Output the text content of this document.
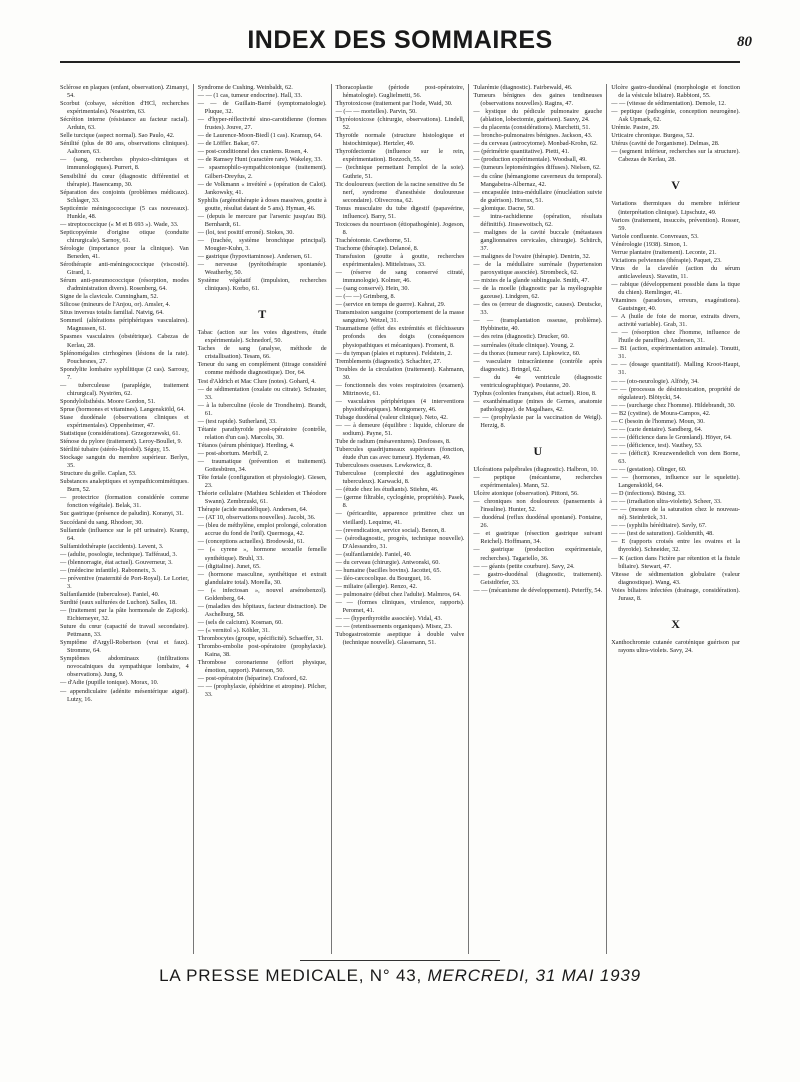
INDEX DES SOMMAIRES	80

Sclérose en plaques (enfant, observation). Zimanyi, 54.

Scorbut (cobaye, sécrétion d'HCl, recherches expérimentales). Noaström, 63.

Sécrétion interne (résistance au facteur racial). Arduin, 63.

Selle turcique (aspect normal). Sao Paulo, 42.

Sénilité (plus de 80 ans, observations cliniques). Aaltonen, 63.

— (sang, recherches physico-chimiques et immunologiques). Purrert, 8.

Sensibilité du cœur (diagnostic différentiel et thérapie). Hasencamp, 30.

Séparation des conjoints (problèmes médicaux). Schlager, 33.

Septicémie méningococcique (5 cas nouveaux). Hunkle, 48.

— streptococcique (« M et B 693 »). Wade, 33.

Septicopyémie d'origine otique (conduite chirurgicale). Sarnoy, 61.

Sérologie (importance pour la clinique). Van Beneden, 41.

Sérothérapie anti-méningococcique (viscosité). Girard, 1.

Sérum anti-pneumococcique (résorption, modes d'administration divers). Rosenberg, 64.

Signe de la clavicule. Cunningham, 52.

Silicose (mineurs de l'Anjou, or). Amsler, 4.

Situs inversus totalis familial. Natvig, 64.

Sommeil (altérations périphériques vasculaires). Magnussen, 61.

Spasmes vasculaires (obstétrique). Cabezas de Kerlau, 28.

Splénomégalies cirrhogènes (lésions de la rate). Pouchesnes, 27.

Spondylite lombaire syphilitique (2 cas). Sarrouy, 7.

— tuberculeuse (paraplégie, traitement chirurgical). Nyström, 62.

Spondylolisthésis. Moore Gordon, 51.

Sprue (hormones et vitamines). Langenskiöld, 64.

Stase duodénale (observations cliniques et expérimentales). Oppenheimer, 47.

Statistique (considérations). Grzegorzewski, 61.

Sténose du pylore (traitement). Leroy-Boullet, 9.

Stérilité tubaire (stéréo-lipiodol). Séguy, 15.

Stockage sanguin du membre supérieur. Berlyn, 35.

Structure du grêle. Caplan, 53.

Substances analeptiques et sympathicomimétiques. Burn, 52.

— protectrice (formation considérée comme fonction végétale). Belak, 31.

Suc gastrique (présence de paludin). Koranyi, 31.

Succédané du sang. Rhodoer, 30.

Sulfamide (influence sur le pH urinaire). Kramp, 64.

Sulfamidothérapie (accidents). Levent, 3.

— (adulte, posologie, technique). Tafféraud, 3.

— (blennorragie, état actuel). Gouverneur, 3.

— (médecine infantile). Rabonneix, 3.

— préventive (maternité de Port-Royal). Le Lorier, 3.

Sulfanilamide (tuberculose). Faniel, 40.

Surdité (eaux sulfurées de Luchon). Salles, 18.

— (traitement par la pâte hormonale de Zajicek). Eichtemeyer, 32.

Suture du cœur (capacité de travail secondaire). Pettmann, 33.

Symptôme d'Argyll-Robertson (vrai et faux). Stromme, 64.

Symptômes abdominaux (infiltrations novocaïniques du sympathique lombaire, 4 observations). Jung, 9.

— d'Adie (pupille tonique). Morax, 10.

— appendiculaire (adénite mésentérique aiguë). Lutzy, 16.

Syndrome de Cushing. Weinbaldt, 62.

— — (1 cas, tumeur endocrine). Hall, 33.

— — de Guillain-Barré (symptomatologie). Pluque, 32.

— d'hyper-réflectivité sino-carotidienne (formes frustes). Jouve, 27.

— de Laurence-Moon-Biedl (1 cas). Kramup, 64.

— de Löffler. Bakar, 67.

— post-conditionnel des craniens. Rosen, 4.

— de Ramsey Hunt (caractère rare). Wakeley, 33.

— spasmophilo-sympathicotonique (traitement). Gilbert-Dreyfus, 2.

— de Volkmann « invétéré » (opération de Calot). Jankowsky, 41.

Syphilis (argénothérapie à doses massives, goutte à goutte, résultat datant de 5 ans). Hyman, 46.

— (depuis le mercure par l'arsenic jusqu'au Bi). Bernhardt, 61.

— (loi, test positif erroné). Stokes, 30.

— (trachée, système bronchique principal). Mougier-Kuhn, 3.

— gastrique (hypovitaminose). Andersen, 61.

— nerveuse (pyrétothérapie spontanée). Weatherby, 50.

Système végétatif (impulsion, recherches cliniques). Korbo, 61.

T

Tabac (action sur les voies digestives, étude expérimentale). Schnedorf, 50.

Taches de sang (analyse, méthode de cristallisation). Tesam, 66.

Teneur du sang en complément (titrage considéré comme méthode diagnostique). Dor, 64.

Test d'Aldrich et Mac Clure (notes). Gohard, 4.

— de sédimentation (oxalate ou citrate). Schuster, 33.

— à la tuberculine (école de Trondheim). Brandt, 61.

— (test rapide). Sutherland, 33.

Tétanie parathyroïde post-opératoire (contrôle, relation d'un cas). Marcolis, 30.

Tétanos (sérum phénique). Herding, 4.

— post-abortum. Merbill, 2.

— traumatique (prévention et traitement). Gottesbüren, 34.

Tête fœtale (configuration et physiologie). Giesen, 23.

Théorie cellulaire (Mathieu Schleiden et Théodore Swann). Zembrzuski, 61.

Thérapie (acide mandélique). Andersen, 64.

— (AT 10, observations nouvelles). Jacobi, 36.

— (bleu de méthylène, emploi prolongé, coloration accrue du fond de l'œil). Quermoga, 42.

— (conceptions actuelles). Brodowski, 61.

— (« cyrene », hormone sexuelle femelle synthétique). Bruhl, 33.

— (digitaline). Junet, 65.

— (hormone masculine, synthétique et extrait glandulaire total). Morella, 30.

— (« infectosan », nouvel arsénobenzol). Goldenberg, 64.

— (maladies des hôpitaux, facteur distraction). De Aschelburg, 58.

— (sels de calcium). Kosman, 60.

— (« vernitol »). Köhler, 31.

Thrombocytes (groupe, spécificité). Schaeffer, 31.

Thrombo-embolie post-opératoire (prophylaxie). Kaina, 38.

Thrombose coronarienne (effort physique, émotion, rapport). Paterson, 50.

— post-opératoire (héparine). Crafoord, 62.

— — (prophylaxie, éphédrine et atropine). Pilcher, 33.

Thoracoplastie (période post-opératoire, hématologie). Guglielmetti, 56.

Thyrotoxicose (traitement par l'iode, Waid, 30.

— (— — mortelles). Parvin, 50.

Thyréotoxicose (chirurgie, observations). Lindell, 52.

Thyroïde normale (structure histologique et histochimique). Hertzler, 49.

Thyroïdectomie (influence sur le rein, expérimentation). Bozzoch, 55.

— (technique permettant l'emploi de la soie). Guthrie, 51.

Tic douloureux (section de la racine sensitive du 5e nerf, syndrome d'anesthésie douloureuse secondaire). Olivecrona, 62.

Tonus musculaire du tube digestif (papavérine, influence). Barry, 51.

Toxicoses du nourrisson (étiopathogénie). Jogeson, 8.

Trachéotomie. Cawthorne, 51.

Trachome (thérapie). Delanoé, 8.

Transfusion (goutte à goutte, recherches expérimentales). Mittelstrass, 33.

— (réserve de sang conservé citraté, immunologie). Kolmer, 46.

— (sang conservé). Hein, 30.

— (— —) Grimberg, 8.

— (service en temps de guerre). Kahrat, 29.

Transmission sanguine (comportement de la masse sanguine). Wetzel, 31.

Traumatisme (effet des extrémités et fléchisseurs profonds des doigts (conséquences physiopathiques et mécaniques). Froment, 8.

— du tympan (plaies et ruptures). Feldstein, 2.

Tremblements (diagnostic). Schachter, 27.

Troubles de la circulation (traitement). Kahmann, 30.

— fonctionnels des voies respiratoires (examen). Mitrinovic, 61.

— vasculaires périphériques (4 interventions physiothérapiques). Montgomery, 46.

Tubage duodénal (valeur clinique). Neto, 42.

— — à demeure (équilibre : liquide, chlorure de sodium). Payne, 51.

Tube de radium (mésaventures). Desfosses, 8.

Tubercules quadrijumeaux supérieurs (fonction, étude d'un cas avec tumeur). Hydeman, 49.

Tuberculoses osseuses. Lewkowicz, 8.

Tuberculose (complexité des agglutinogènes tuberculeux). Karwacki, 8.

— (étude chez les étudiants). Stiehm, 46.

— (germe filtrable, cyclogénie, propriétés). Pasek, 8.

— (péricardite, apparence primitive chez un vieillard). Lequime, 41.

— (revendication, service social). Benon, 8.

— (sérodiagnostic, progrès, technique nouvelle). D'Alessandro, 31.

— (sulfanilamide). Faniel, 40.

— du cerveau (chirurgie). Antwonski, 60.

— humaine (bacilles bovins). Jacottet, 65.

— iléo-cæcocolique. du Bourguet, 16.

— miliaire (allergie). Renzo, 42.

— pulmonaire (début chez l'adulte). Malmros, 64.

— — (formes cliniques, virulence, rapports). Peromet, 41.

— — (hyperthyroïdie associée). Vidal, 43.

— — (retentissements organiques). Misez, 23.

Tubogastrostomie aseptique à double valve (technique nouvelle). Glassmann, 51.

Tularémie (diagnostic). Fairbewald, 46.

Tumeurs bénignes des gaines tendineuses (observations nouvelles). Ragins, 47.

— kystique du pédicule pulmonaire gauche (ablation, lobectomie, guérison). Sauvy, 24.

— du placenta (considérations). Marchetti, 51.

— broncho-pulmonaires bénignes. Jackson, 43.

— du cerveau (astrocytome). Monbad-Krohn, 62.

— (périmétrie quantitative). Pietti, 41.

— (production expérimentale). Woodsall, 49.

— (tumeurs leptoméningées diffuses). Nielsen, 62.

— du crâne (hémangiome caverneux du temporal). Mangabeira-Albernaz, 42.

— encapsulée intra-médullaire (énucléation suivie de guérison). Horrax, 51.

— glomique. Dacne, 50.

— intra-rachidienne (opération, résultats définitifs). Jirasewoitsch, 62.

— malignes de la cavité buccale (métastases ganglionnaires cervicales, chirurgie). Schürch, 37.

— malignes de l'ovaire (thérapie). Dentrin, 32.

— de la médullaire surrénale (hypertension paroxystique associée). Strombeck, 62.

— mixtes de la glande sublinguale. Smith, 47.

— de la moelle (diagnostic par la myélographie gazeuse). Lindgren, 62.

— des os (erreur de diagnostic, causes). Deutscke, 33.

— — (transplantation osseuse, problème). Hybbinette, 40.

— des reins (diagnostic). Drucker, 60.

— surrénales (étude clinique). Young, 2.

— du thorax (tumeur rare). Lipkowicz, 60.

— vasculaire intracrânienne (contrôle après diagnostic). Bringel, 62.

— du 4e ventricule (diagnostic ventriculographique). Poutanne, 20.

Typhus (colonies françaises, état actuel). Riou, 8.

— exanthématique (mines de Gernes, anatomie pathologique). de Magalhaes, 42.

— — (prophylaxie par la vaccination de Weigl). Herzig, 8.

U

Ulcérations palpébrales (diagnostic). Halbron, 10.

— peptique (mécanisme, recherches expérimentales). Mann, 52.

Ulcère atonique (observation). Pittoni, 56.

— chroniques non douloureux (pansements à l'insuline). Hunter, 52.

— duodénal (reflux duodénal spontané). Fontaine, 26.

— et gastrique (résection gastrique suivant Reichel). Hoffmann, 34.

— gastrique (production expérimentale, recherches). Tagariello, 36.

— — géants (petite courbure). Savy, 24.

— gastro-duodénal (diagnostic, traitement). Geistdörfer, 33.

— — (mécanisme de développement). Peterffy, 54.

Ulcère gastro-duodénal (morphologie et fonction de la vésicule biliaire). Rabbioni, 55.

— — (vitesse de sédimentation). Demole, 12.

— peptique (pathogénie, conception neurogène). Ask Upmark, 62.

Urémie. Pastre, 29.

Urticaire chronique. Burgess, 52.

Utérus (cavité de l'organisme). Delmas, 28.

— (segment inférieur, recherches sur la structure). Cabezas de Kerlau, 28.

V

Variations thermiques du membre inférieur (interprétation clinique). Lipschutz, 49.

Varices (traitement, insuccès, prévention). Rosser, 59.

Variole confluente. Convreaux, 53.

Vénérologie (1938). Simon, 1.

Verrue plantaire (traitement). Leconte, 21.

Viciations pelviennes (thérapie). Paquet, 23.

Virus de la clavelée (action du sérum anticlaveleux). Stavatin, 11.

— rabique (développement possible dans la tique du chien). Remlinger, 41.

Vitamines (paradoxes, erreurs, exagérations). Gautsinger, 40.

— A (huile de foie de morue, extraits divers, activité variable). Grab, 31.

— — (résorption chez l'homme, influence de l'huile de paraffine). Andersen, 31.

— B1 (action, expérimentation animale). Tonutti, 31.

— — (dosage quantitatif). Malling Kroot-Haupt, 31.

— — (oto-neurologie). Alfödy, 34.

— — (processus de désintoxication, propriété de régulateur). Blötycki, 54.

— — (surcharge chez l'homme). Hildebrandt, 30.

— B2 (cystine). de Moura-Campos, 42.

— C (besoin de l'homme). Moun, 30.

— — (carie dentaire). Sandberg, 64.

— — (déficience dans le Grœnland). Höyer, 64.

— — (déficience, test). Vauthey, 53.

— — (déficit). Kreuzwendedich von dem Borne, 63.

— — (gestation). Olinger, 60.

— — (hormones, influence sur le squelette). Langenskiöld, 64.

— D (infections). Büsing, 33.

— — (irradiation ultra-violette). Scheer, 33.

— — (mesure de la saturation chez le nouveau-né). Steinbrück, 31.

— — (syphilis héréditaire). Savly, 67.

— — (test de saturation). Goldsmith, 48.

— E (rapports croisés entre les ovaires et la thyroïde). Schneider, 32.

— K (action dans l'ictère par rétention et la fistule biliaire). Stewart, 47.

Vitesse de sédimentation globulaire (valeur diagnostique). Wang, 43.

Voies biliaires infectées (drainage, considération). Jurasz, 8.

X

Xanthochromie cutanée caroténique guérison par rayons ultra-violets. Savy, 24.

LA PRESSE MEDICALE, N° 43, MERCREDI, 31 MAI 1939
